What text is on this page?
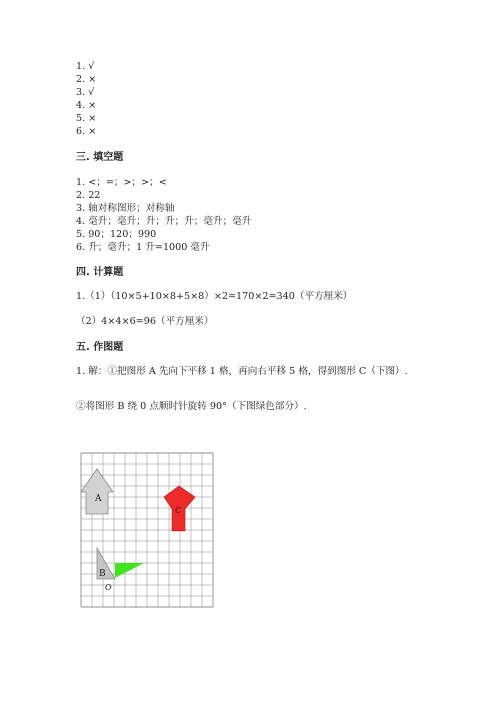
1. √
2. ×
3. √
4. ×
5. ×
6. ×
三. 填空题
1. <；=；>；>；<
2. 22
3. 轴对称图形；对称轴
4. 毫升；毫升；升；升；升；毫升；毫升
5. 90；120；990
6. 升；毫升；1 升=1000 毫升
四. 计算题
1.（1）（10×5+10×8+5×8）×2=170×2=340（平方厘米）
（2）4×4×6=96（平方厘米）
五. 作图题
1. 解：①把图形 A 先向下平移 1 格，再向右平移 5 格，得到图形 C（下图）.
②将图形 B 绕 0 点顺时针旋转 90°（下图绿色部分）.
A
C
B
O
